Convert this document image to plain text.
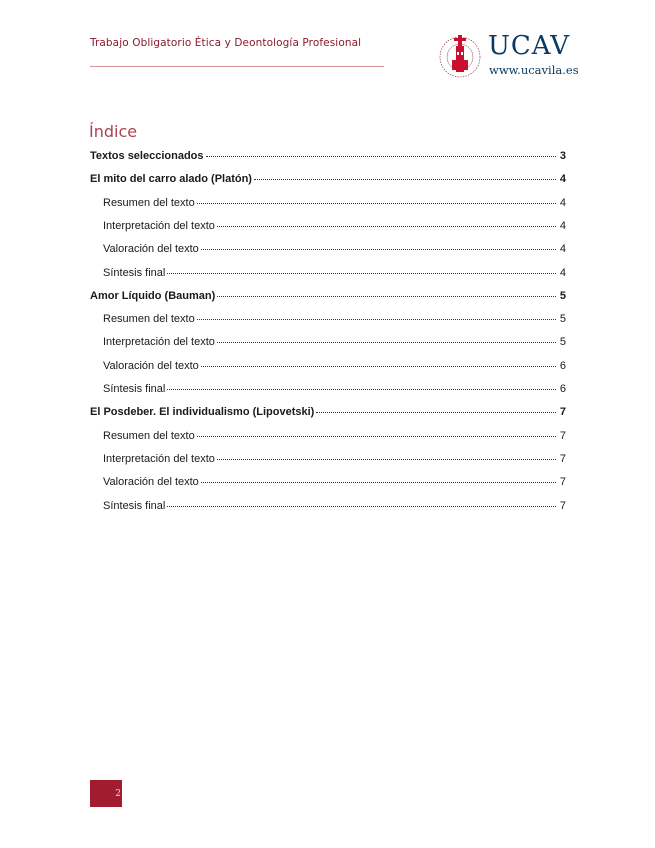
Trabajo Obligatorio Ética y Deontología Profesional	UCAV
www.ucavila.es
Índice
Textos seleccionados	3
El mito del carro alado (Platón)	4
Resumen del texto	4
Interpretación del texto	4
Valoración del texto	4
Síntesis final	4
Amor Líquido (Bauman)	5
Resumen del texto	5
Interpretación del texto	5
Valoración del texto	6
Síntesis final	6
El Posdeber. El individualismo (Lipovetski)	7
Resumen del texto	7
Interpretación del texto	7
Valoración del texto	7
Síntesis final	7
2
